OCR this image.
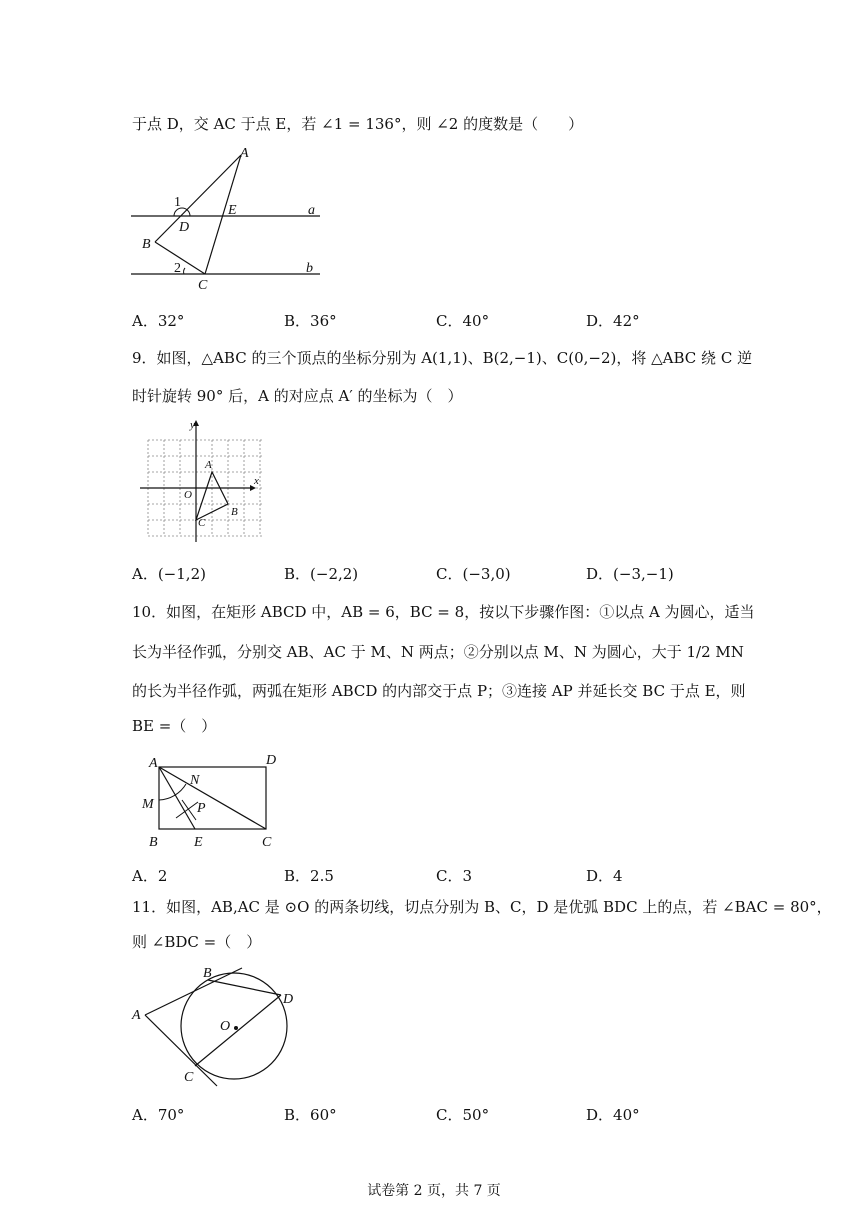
于点 D，交 AC 于点 E，若 ∠1 = 136°，则 ∠2 的度数是（　　）
A
B
C
D
E	a
b
1
2
A．32°	B．36°	C．40°	D．42°
9．如图，△ABC 的三个顶点的坐标分别为 A(1,1)、B(2,−1)、C(0,−2)，将 △ABC 绕 C 逆
时针旋转 90° 后，A 的对应点 A′ 的坐标为（　）
y
x
O
A
B
C
A．(−1,2)	B．(−2,2)	C．(−3,0)	D．(−3,−1)
10．如图，在矩形 ABCD 中，AB = 6，BC = 8，按以下步骤作图：①以点 A 为圆心，适当
长为半径作弧，分别交 AB、AC 于 M、N 两点；②分别以点 M、N 为圆心，大于 1/2 MN
的长为半径作弧，两弧在矩形 ABCD 的内部交于点 P；③连接 AP 并延长交 BC 于点 E，则
BE =（　）
A	D
B	C
E
M
N
P
A．2	B．2.5	C．3	D．4
11．如图，AB,AC 是 ⊙O 的两条切线，切点分别为 B、C，D 是优弧 BDC 上的点，若 ∠BAC = 80°，
则 ∠BDC =（　）
A
B
C
D
O
A．70°	B．60°	C．50°	D．40°
试卷第 2 页，共 7 页
